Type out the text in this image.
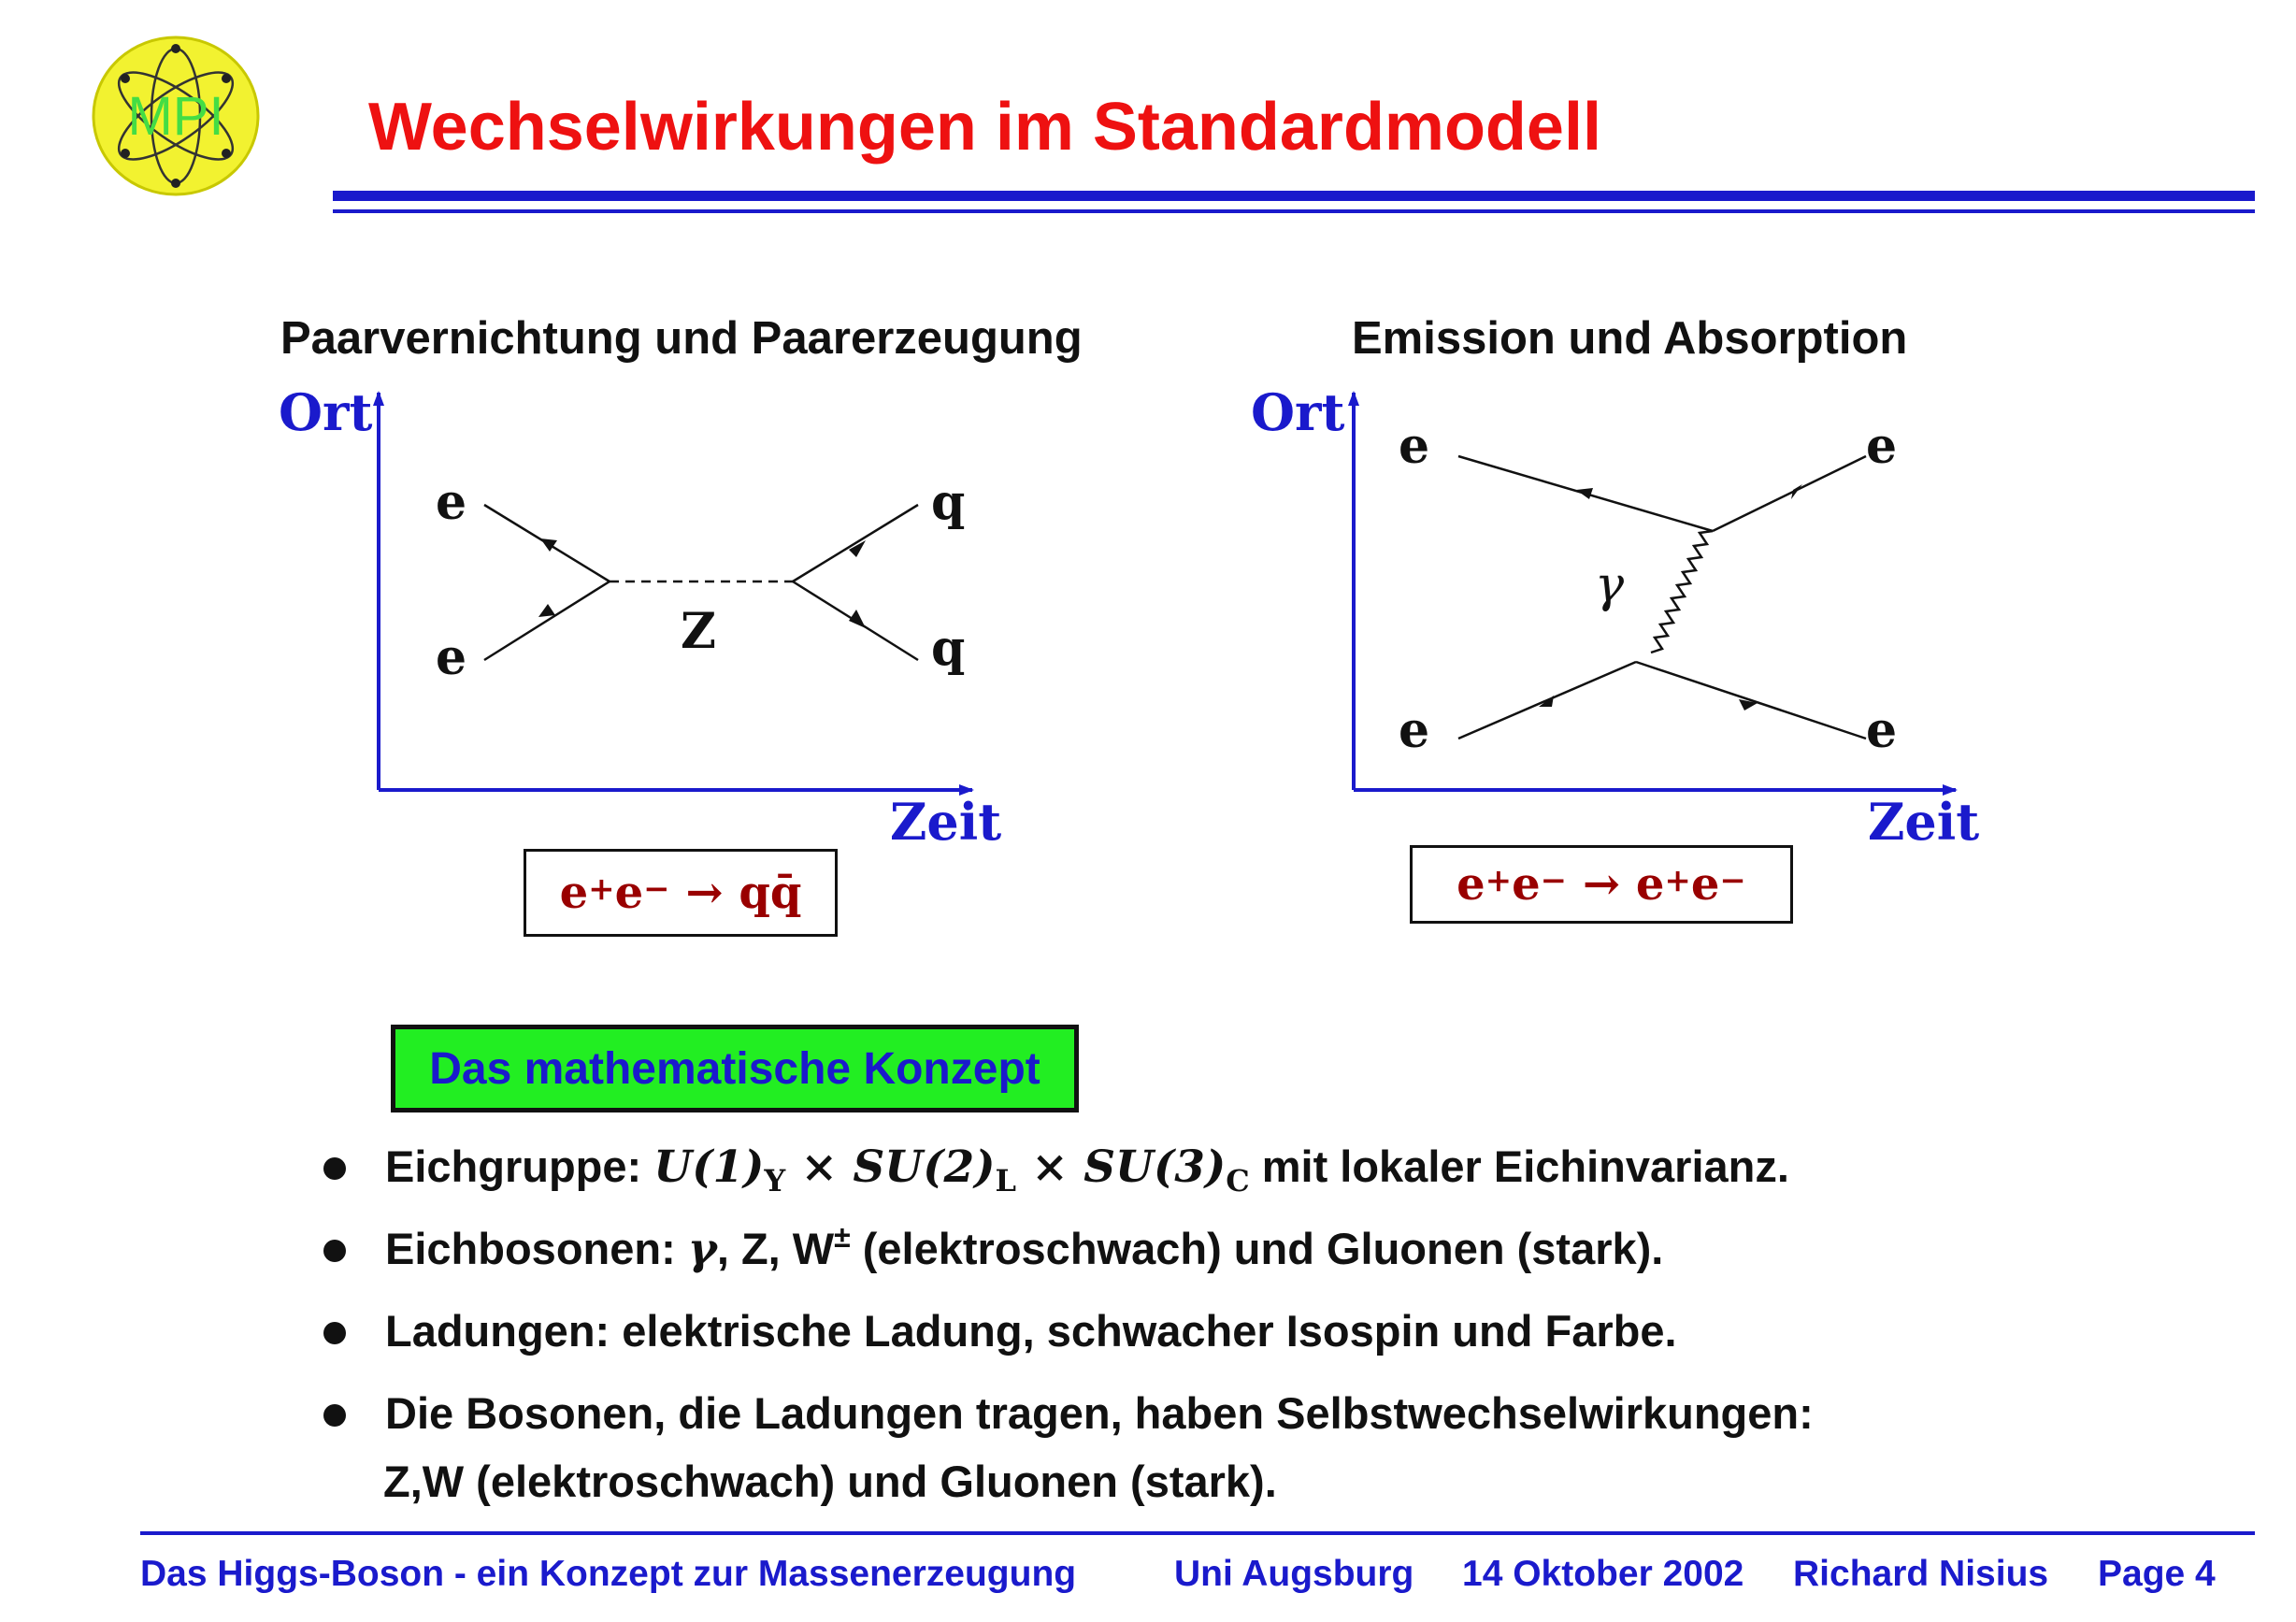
MPI Wechselwirkungen im Standardmodell
Paarvernichtung und Paarerzeugung
Ort
Zeit
e
e
q
q
Z
e+ e−
→
qq̄
Emission und Absorption
Ort
Zeit
e	e
e	e
γ
e+ e−
→
e+ e−
Das mathematische Konzept
Eichgruppe: $U(1)_Y \times SU(2)_L \times SU(3)_C$ mit lokaler Eichinvarianz.
Eichbosonen: γ, Z, W± (elektroschwach) und Gluonen (stark).
Ladungen: elektrische Ladung, schwacher Isospin und Farbe.
Die Bosonen, die Ladungen tragen, haben Selbstwechselwirkungen:
Z,W (elektroschwach) und Gluonen (stark).
Das Higgs-Boson - ein Konzept zur Massenerzeugung	Uni Augsburg 14 Oktober 2002 Richard Nisius Page 4
